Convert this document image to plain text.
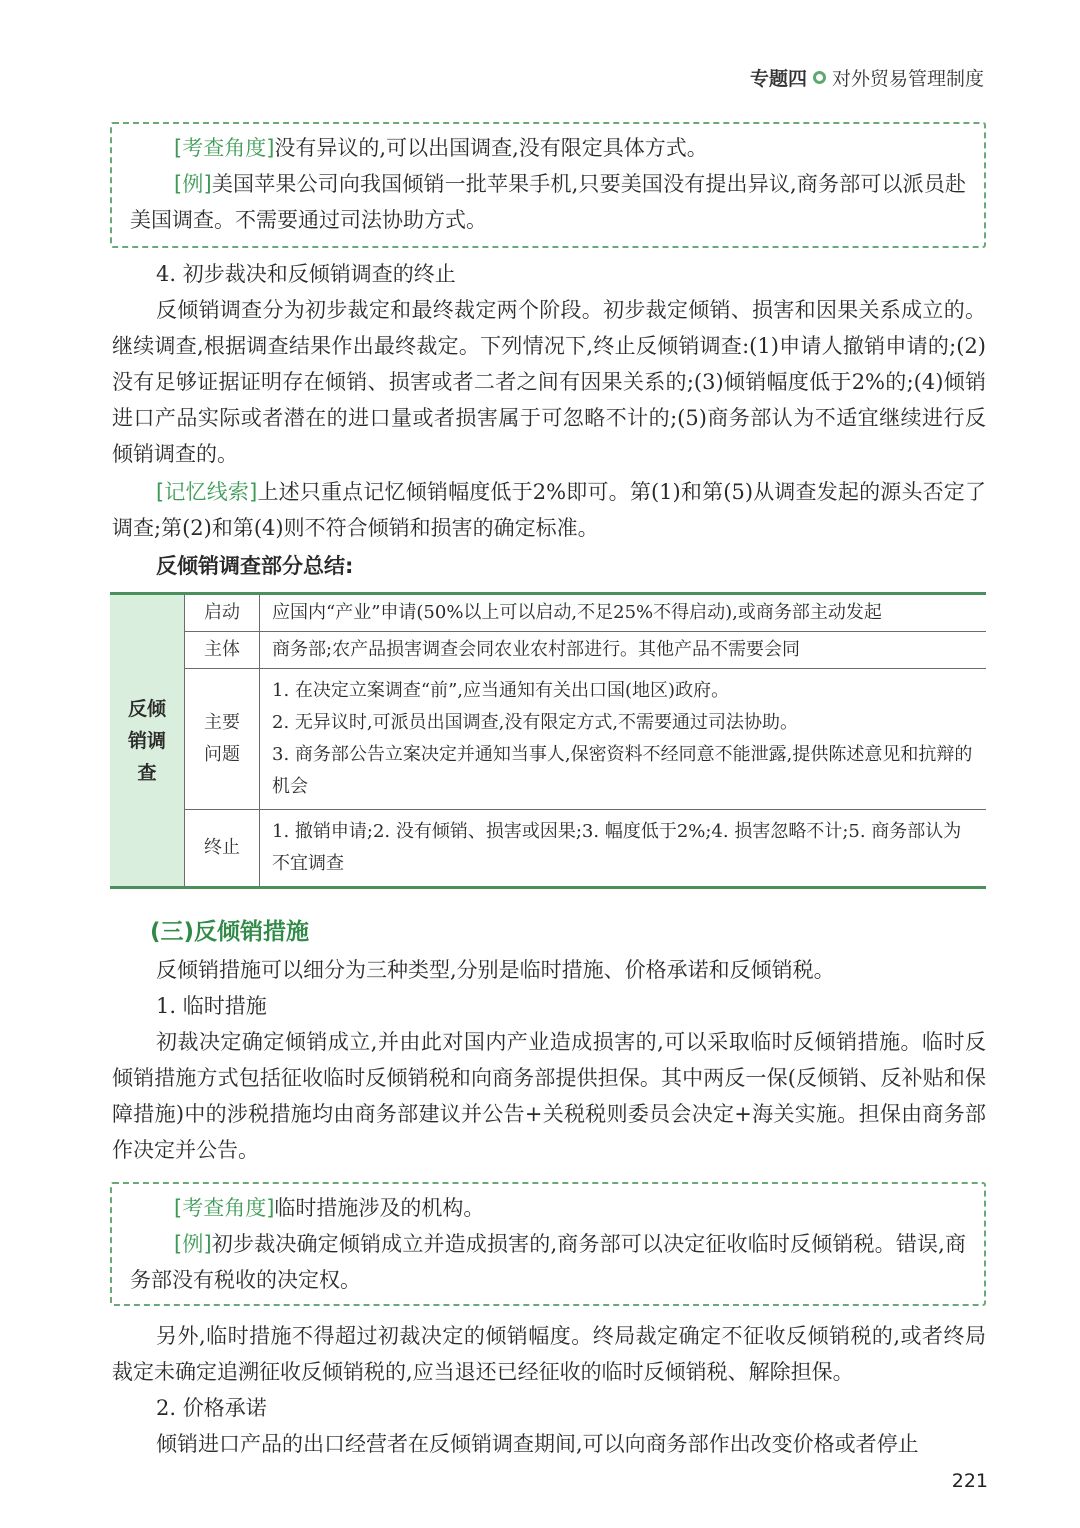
专题四 对外贸易管理制度
[考查角度]没有异议的,可以出国调查,没有限定具体方式。
[例]美国苹果公司向我国倾销一批苹果手机,只要美国没有提出异议,商务部可以派员赴美国调查。不需要通过司法协助方式。
4. 初步裁决和反倾销调查的终止
反倾销调查分为初步裁定和最终裁定两个阶段。初步裁定倾销、损害和因果关系成立的。继续调查,根据调查结果作出最终裁定。下列情况下,终止反倾销调查:(1)申请人撤销申请的;(2)没有足够证据证明存在倾销、损害或者二者之间有因果关系的;(3)倾销幅度低于2%的;(4)倾销进口产品实际或者潜在的进口量或者损害属于可忽略不计的;(5)商务部认为不适宜继续进行反倾销调查的。
[记忆线索]上述只重点记忆倾销幅度低于2%即可。第(1)和第(5)从调查发起的源头否定了调查;第(2)和第(4)则不符合倾销和损害的确定标准。
反倾销调查部分总结:
反倾销调查	启动	应国内“产业”申请(50%以上可以启动,不足25%不得启动),或商务部主动发起
	主体	商务部;农产品损害调查会同农业农村部进行。其他产品不需要会同
	主要问题	1. 在决定立案调查“前”,应当通知有关出口国(地区)政府。
2. 无异议时,可派员出国调查,没有限定方式,不需要通过司法协助。
3. 商务部公告立案决定并通知当事人,保密资料不经同意不能泄露,提供陈述意见和抗辩的机会

	终止	1. 撤销申请;2. 没有倾销、损害或因果;3. 幅度低于2%;4. 损害忽略不计;5. 商务部认为不宜调查
(三)反倾销措施
反倾销措施可以细分为三种类型,分别是临时措施、价格承诺和反倾销税。
1. 临时措施
初裁决定确定倾销成立,并由此对国内产业造成损害的,可以采取临时反倾销措施。临时反倾销措施方式包括征收临时反倾销税和向商务部提供担保。其中两反一保(反倾销、反补贴和保障措施)中的涉税措施均由商务部建议并公告+关税税则委员会决定+海关实施。担保由商务部作决定并公告。
[考查角度]临时措施涉及的机构。
[例]初步裁决确定倾销成立并造成损害的,商务部可以决定征收临时反倾销税。错误,商务部没有税收的决定权。
另外,临时措施不得超过初裁决定的倾销幅度。终局裁定确定不征收反倾销税的,或者终局裁定未确定追溯征收反倾销税的,应当退还已经征收的临时反倾销税、解除担保。
2. 价格承诺
倾销进口产品的出口经营者在反倾销调查期间,可以向商务部作出改变价格或者停止
221
